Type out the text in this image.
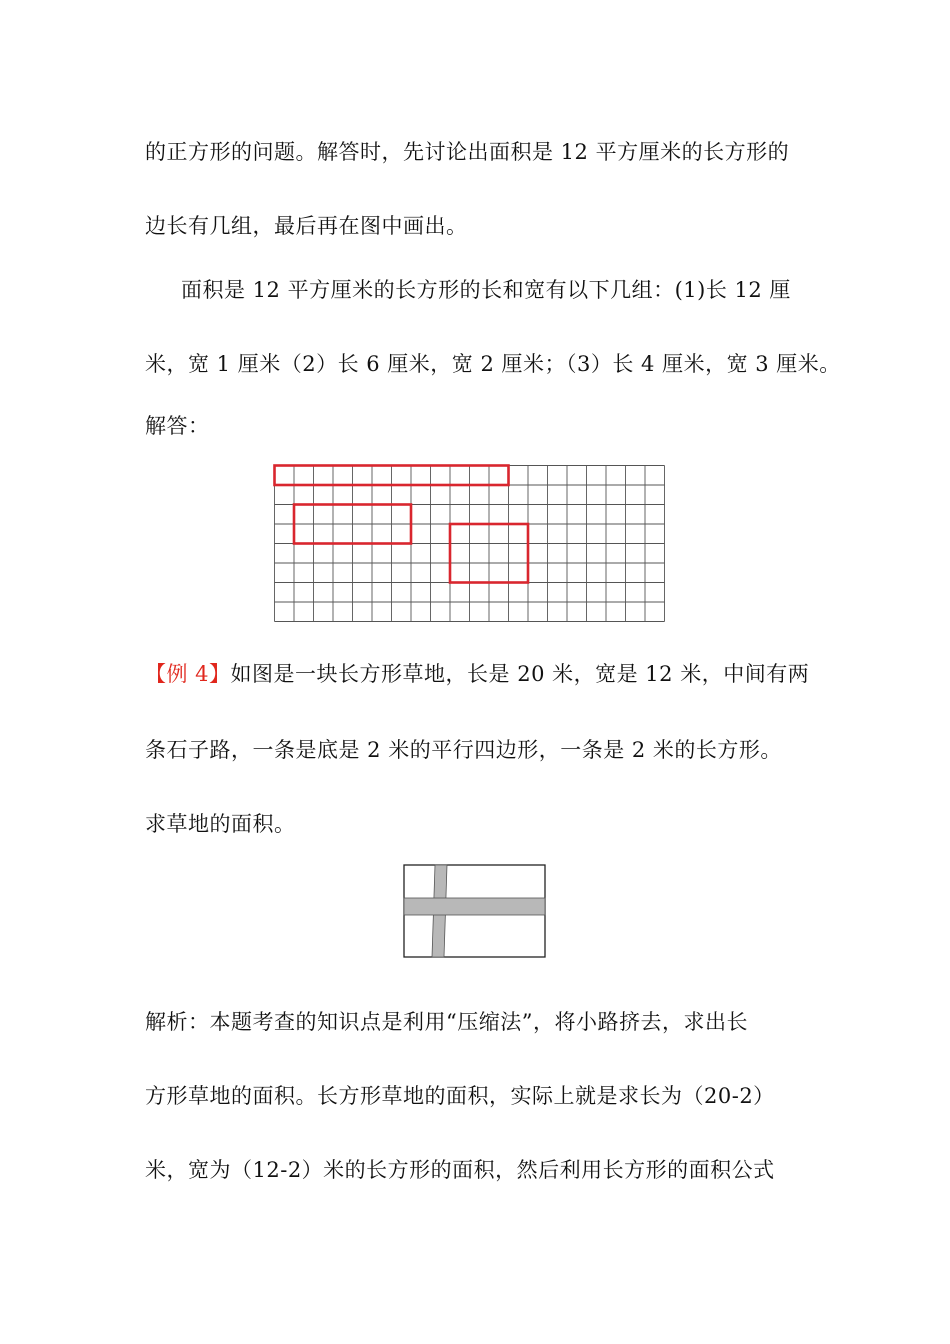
的正方形的问题。解答时，先讨论出面积是 12 平方厘米的长方形的
边长有几组，最后再在图中画出。
面积是 12 平方厘米的长方形的长和宽有以下几组：(1)长 12 厘
米，宽 1 厘米（2）长 6 厘米，宽 2 厘米；（3）长 4 厘米，宽 3 厘米。
解答：
【例 4】如图是一块长方形草地，长是 20 米，宽是 12 米，中间有两
条石子路，一条是底是 2 米的平行四边形，一条是 2 米的长方形。
求草地的面积。
解析：本题考查的知识点是利用“压缩法”，将小路挤去，求出长
方形草地的面积。长方形草地的面积，实际上就是求长为（20-2）
米，宽为（12-2）米的长方形的面积，然后利用长方形的面积公式
